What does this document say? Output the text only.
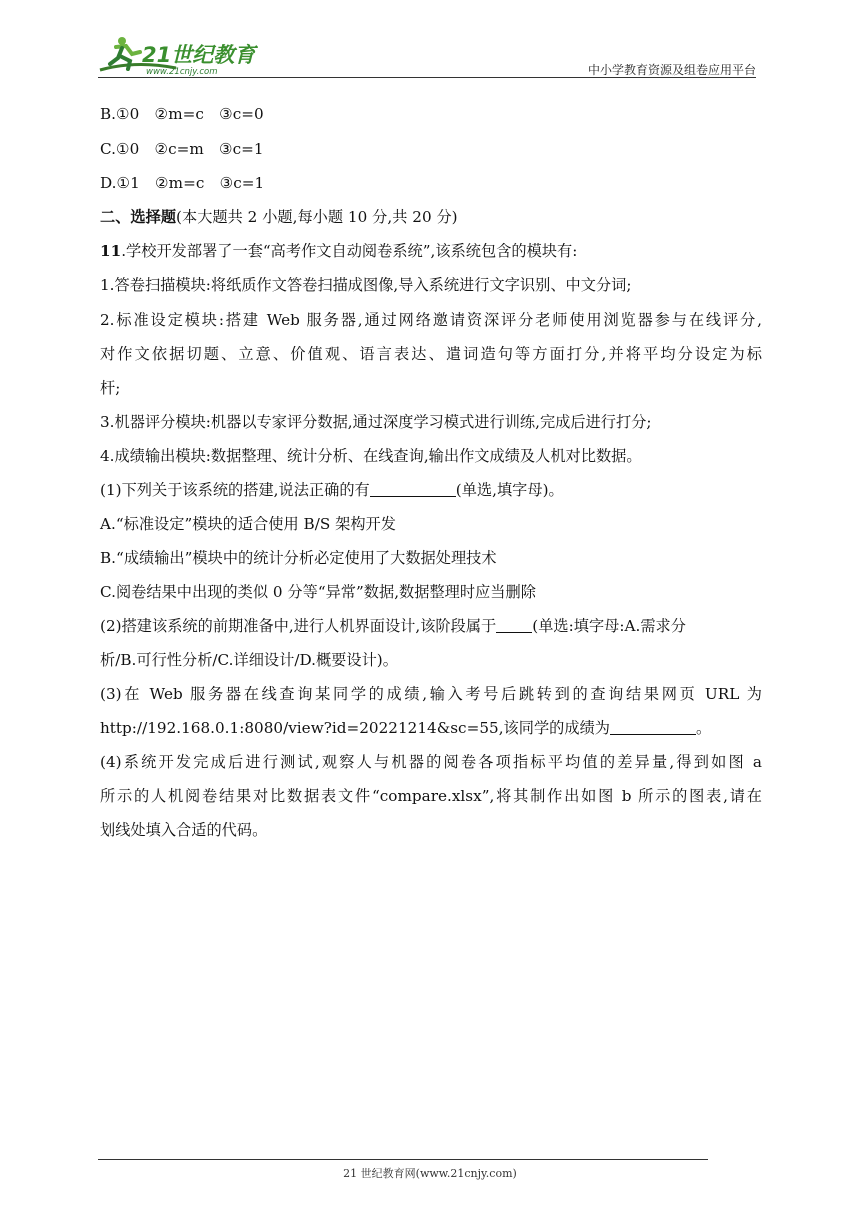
21世纪教育
www.21cnjy.com	中小学教育资源及组卷应用平台
B.①0　②m=c　③c=0
C.①0　②c=m　③c=1
D.①1　②m=c　③c=1
二、选择题(本大题共 2 小题,每小题 10 分,共 20 分)
11.学校开发部署了一套“高考作文自动阅卷系统”,该系统包含的模块有:
1.答卷扫描模块:将纸质作文答卷扫描成图像,导入系统进行文字识别、中文分词;
2.标准设定模块:搭建 Web 服务器,通过网络邀请资深评分老师使用浏览器参与在线评分,
对作文依据切题、立意、价值观、语言表达、遣词造句等方面打分,并将平均分设定为标
杆;
3.机器评分模块:机器以专家评分数据,通过深度学习模式进行训练,完成后进行打分;
4.成绩输出模块:数据整理、统计分析、在线查询,输出作文成绩及人机对比数据。
(1)下列关于该系统的搭建,说法正确的有	(单选,填字母)。
A.“标准设定”模块的适合使用 B/S 架构开发
B.“成绩输出”模块中的统计分析必定使用了大数据处理技术
C.阅卷结果中出现的类似 0 分等“异常”数据,数据整理时应当删除
(2)搭建该系统的前期准备中,进行人机界面设计,该阶段属于 (单选:填字母:A.需求分
析/B.可行性分析/C.详细设计/D.概要设计)。
(3)在 Web 服务器在线查询某同学的成绩,输入考号后跳转到的查询结果网页 URL 为
http://192.168.0.1:8080/view?id=20221214&sc=55,该同学的成绩为	。
(4)系统开发完成后进行测试,观察人与机器的阅卷各项指标平均值的差异量,得到如图 a
所示的人机阅卷结果对比数据表文件“compare.xlsx”,将其制作出如图 b 所示的图表,请在
划线处填入合适的代码。
21 世纪教育网(www.21cnjy.com)
